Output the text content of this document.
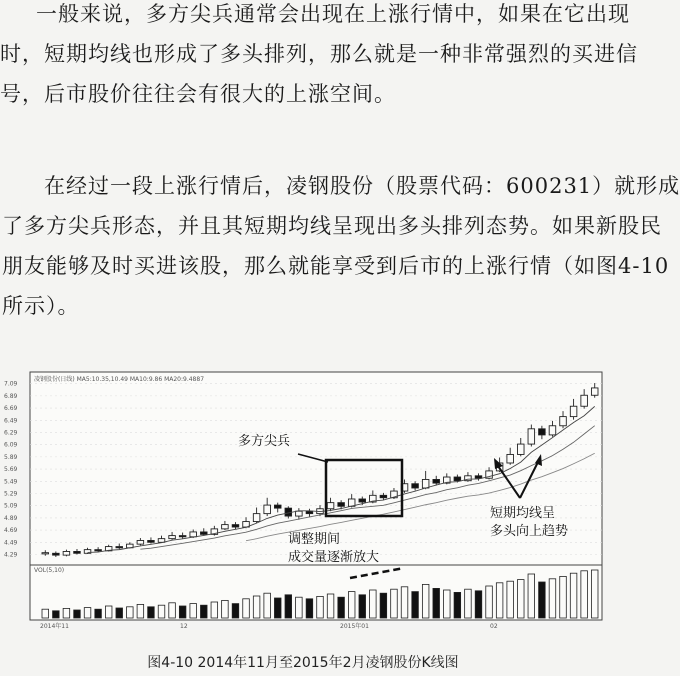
一般来说，多方尖兵通常会出现在上涨行情中，如果在它出现
时，短期均线也形成了多头排列，那么就是一种非常强烈的买进信
号，后市股价往往会有很大的上涨空间。
在经过一段上涨行情后，凌钢股份（股票代码：600231）就形成
了多方尖兵形态，并且其短期均线呈现出多头排列态势。如果新股民
朋友能够及时买进该股，那么就能享受到后市的上涨行情（如图4-10
所示）。
7.09
6.89
6.69
6.49
6.29
6.09
5.89
5.69
5.49
5.29
5.09
4.89
4.69
4.49
4.29
2014年11	12	2015年01	02
凌钢股份(日线) MA5:10.35,10.49 MA10:9.86 MA20:9.4887
VOL(5,10)
多方尖兵
短期均线呈
多头向上趋势
调整期间
成交量逐渐放大
图4-10 2014年11月至2015年2月凌钢股份K线图
